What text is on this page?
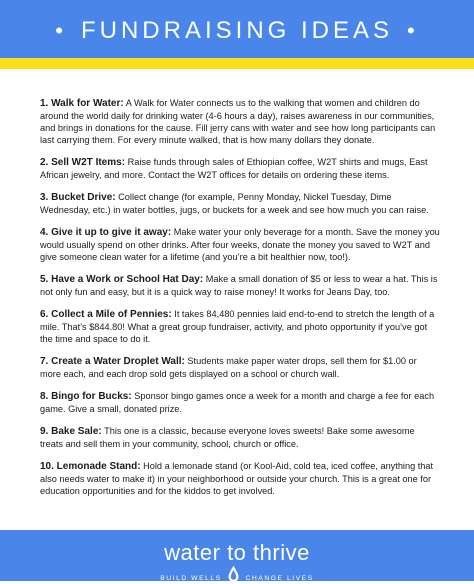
• FUNDRAISING IDEAS •

1. Walk for Water: A Walk for Water connects us to the walking that women and children do around the world daily for drinking water (4-6 hours a day), raises awareness in our communities, and brings in donations for the cause. Fill jerry cans with water and see how long participants can last carrying them. For every minute walked, that is how many dollars they donate.

2. Sell W2T Items: Raise funds through sales of Ethiopian coffee, W2T shirts and mugs, East African jewelry, and more. Contact the W2T offices for details on ordering these items.

3. Bucket Drive: Collect change (for example, Penny Monday, Nickel Tuesday, Dime Wednesday, etc.) in water bottles, jugs, or buckets for a week and see how much you can raise.

4. Give it up to give it away: Make water your only beverage for a month. Save the money you would usually spend on other drinks. After four weeks, donate the money you saved to W2T and give someone clean water for a lifetime (and you’re a bit healthier now, too!).

5. Have a Work or School Hat Day: Make a small donation of $5 or less to wear a hat. This is not only fun and easy, but it is a quick way to raise money! It works for Jeans Day, too.

6. Collect a Mile of Pennies: It takes 84,480 pennies laid end-to-end to stretch the length of a mile. That’s $844.80! What a great group fundraiser, activity, and photo opportunity if you’ve got the time and space to do it.

7. Create a Water Droplet Wall: Students make paper water drops, sell them for $1.00 or more each, and each drop sold gets displayed on a school or church wall.

8. Bingo for Bucks: Sponsor bingo games once a week for a month and charge a fee for each game. Give a small, donated prize.

9. Bake Sale: This one is a classic, because everyone loves sweets! Bake some awesome treats and sell them in your community, school, church or office.

10. Lemonade Stand: Hold a lemonade stand (or Kool-Aid, cold tea, iced coffee, anything that also needs water to make it) in your neighborhood or outside your church. This is a great one for education opportunities and for the kiddos to get involved.

water to thrive
BUILD WELLS	CHANGE LIVES
